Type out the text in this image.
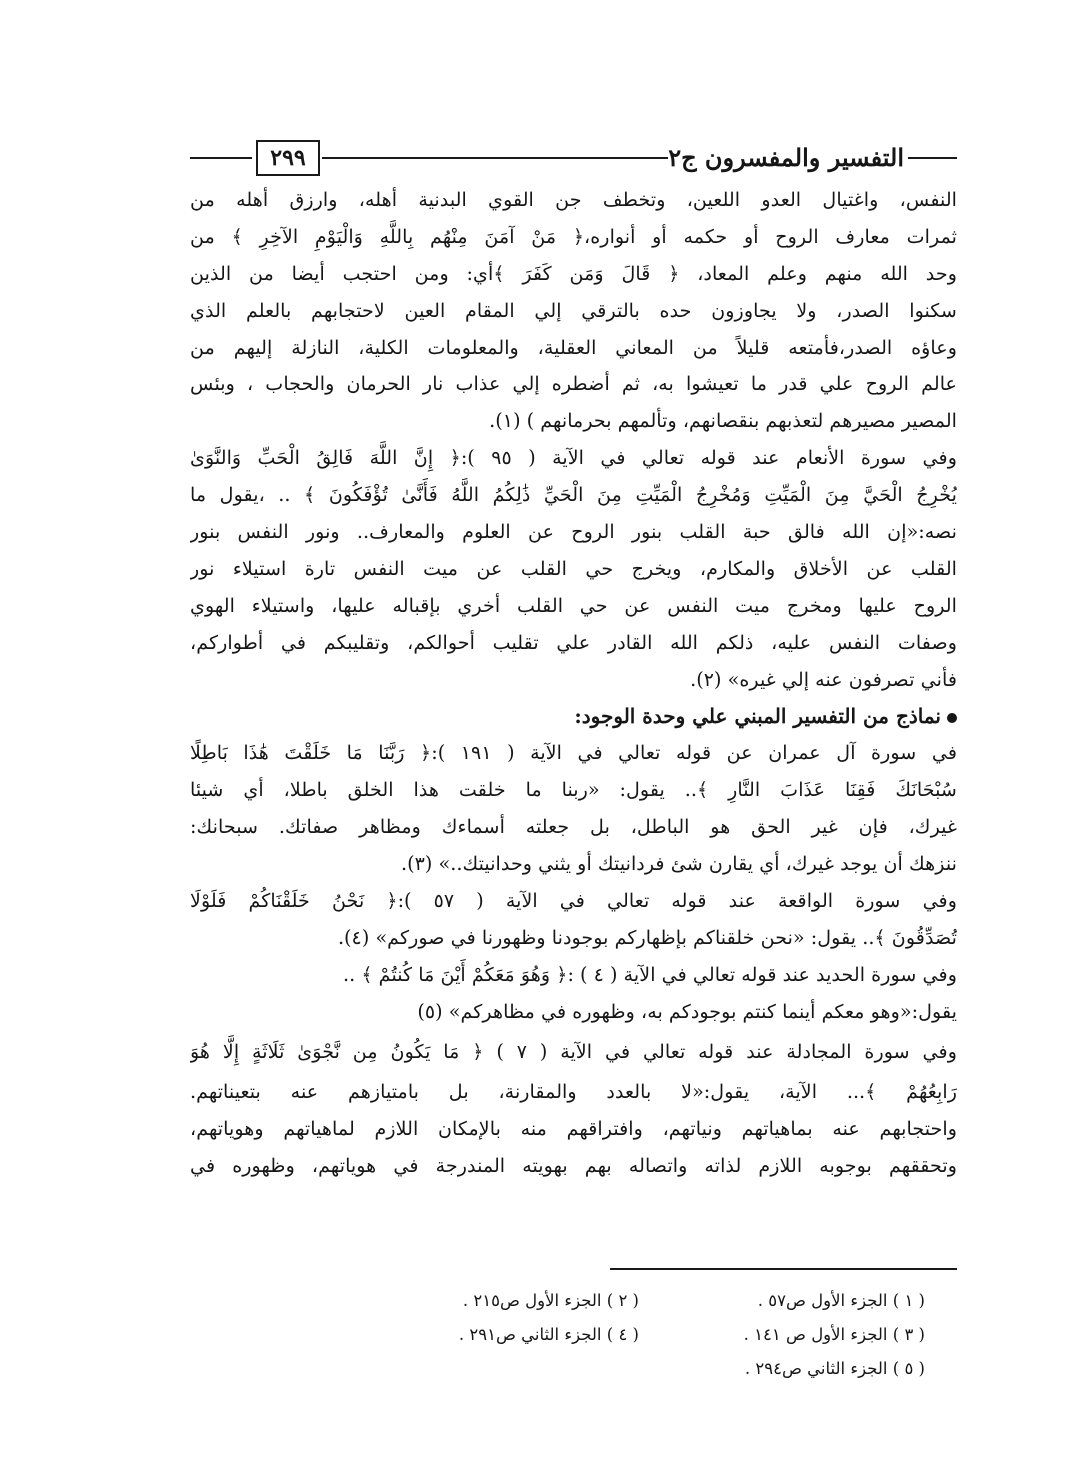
٢٩٩	التفسير والمفسرون ج٢
النفس، واغتيال العدو اللعين، وتخطف جن القوي البدنية أهله، وارزق أهله من
ثمرات معارف الروح أو حكمه أو أنواره،﴿ مَنْ آمَنَ مِنْهُم بِاللَّهِ وَالْيَوْمِ الآخِرِ ﴾ من
وحد الله منهم وعلم المعاد، ﴿ قَالَ وَمَن كَفَرَ ﴾أي: ومن احتجب أيضا من الذين
سكنوا الصدر، ولا يجاوزون حده بالترقي إلي المقام العين لاحتجابهم بالعلم الذي
وعاؤه الصدر،فأمتعه قليلاً من المعاني العقلية، والمعلومات الكلية، النازلة إليهم من
عالم الروح علي قدر ما تعيشوا به، ثم أضطره إلي عذاب نار الحرمان والحجاب ، وبئس
المصير مصيرهم لتعذبهم بنقصانهم، وتألمهم بحرمانهم ) (١).
وفي سورة الأنعام عند قوله تعالي في الآية ( ٩٥ ):﴿ إِنَّ اللَّهَ فَالِقُ الْحَبِّ وَالنَّوَىٰ
يُخْرِجُ الْحَيَّ مِنَ الْمَيِّتِ وَمُخْرِجُ الْمَيِّتِ مِنَ الْحَيِّ ذَٰلِكُمُ اللَّهُ فَأَنَّىٰ تُؤْفَكُونَ ﴾ .. ،يقول ما
نصه:«إن الله فالق حبة القلب بنور الروح عن العلوم والمعارف.. ونور النفس بنور
القلب عن الأخلاق والمكارم، ويخرج حي القلب عن ميت النفس تارة استيلاء نور
الروح عليها ومخرج ميت النفس عن حي القلب أخري بإقباله عليها، واستيلاء الهوي
وصفات النفس عليه، ذلكم الله القادر علي تقليب أحوالكم، وتقليبكم في أطواركم،
فأني تصرفون عنه إلي غيره» (٢).
نماذج من التفسير المبني علي وحدة الوجود:
في سورة آل عمران عن قوله تعالي في الآية ( ١٩١ ):﴿ رَبَّنَا مَا خَلَقْتَ هَٰذَا بَاطِلًا
سُبْحَانَكَ فَقِنَا عَذَابَ النَّارِ ﴾.. يقول: «ربنا ما خلقت هذا الخلق باطلا، أي شيئا
غيرك، فإن غير الحق هو الباطل، بل جعلته أسماءك ومظاهر صفاتك. سبحانك:
ننزهك أن يوجد غيرك، أي يقارن شئ فردانيتك أو يثني وحدانيتك..» (٣).
وفي سورة الواقعة عند قوله تعالي في الآية ( ٥٧ ):﴿ نَحْنُ خَلَقْنَاكُمْ فَلَوْلَا
تُصَدِّقُونَ ﴾.. يقول: «نحن خلقناكم بإظهاركم بوجودنا وظهورنا في صوركم» (٤).
وفي سورة الحديد عند قوله تعالي في الآية ( ٤ ) :﴿ وَهُوَ مَعَكُمْ أَيْنَ مَا كُنتُمْ ﴾ ..
يقول:«وهو معكم أينما كنتم بوجودكم به، وظهوره في مظاهركم» (٥)
وفي سورة المجادلة عند قوله تعالي في الآية ( ٧ ) ﴿ مَا يَكُونُ مِن نَّجْوَىٰ ثَلَاثَةٍ إِلَّا هُوَ
رَابِعُهُمْ ﴾... الآية، يقول:«لا بالعدد والمقارنة، بل بامتيازهم عنه بتعيناتهم.
واحتجابهم عنه بماهياتهم ونياتهم، وافتراقهم منه بالإمكان اللازم لماهياتهم وهوياتهم،
وتحققهم بوجوبه اللازم لذاته واتصاله بهم بهويته المندرجة في هوياتهم، وظهوره في
( ١ ) الجزء الأول ص٥٧ .
( ٢ ) الجزء الأول ص٢١٥ .
( ٣ ) الجزء الأول ص ١٤١ .
( ٤ ) الجزء الثاني ص٢٩١ .
( ٥ ) الجزء الثاني ص٢٩٤ .
